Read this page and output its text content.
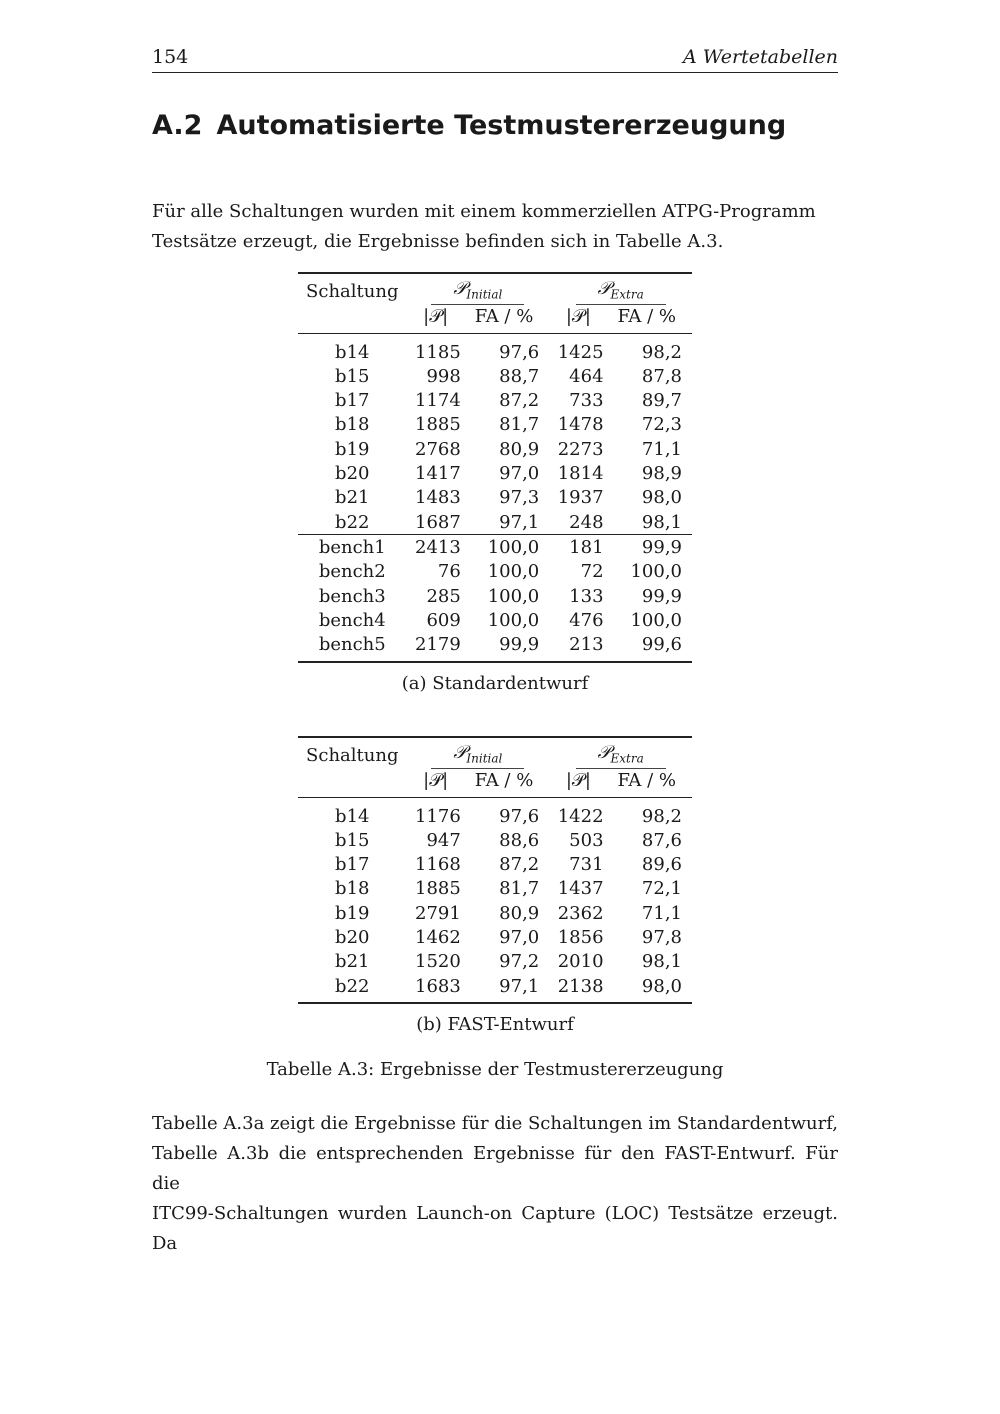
154	A Wertetabellen
A.2 Automatisierte Testmustererzeugung

Für alle Schaltungen wurden mit einem kommerziellen ATPG-Programm Testsätze erzeugt, die Ergebnisse befinden sich in Tabelle A.3.

Schaltung	𝒫$_{Initial}$		𝒫$_{Extra}$
	|𝒫|	FA / %	|𝒫|	FA / %
b14	1185	97,6	1425	98,2
b15	998	88,7	464	87,8
b17	1174	87,2	733	89,7
b18	1885	81,7	1478	72,3
b19	2768	80,9	2273	71,1
b20	1417	97,0	1814	98,9
b21	1483	97,3	1937	98,0
b22	1687	97,1	248	98,1
bench1	2413	100,0	181	99,9
bench2	76	100,0	72	100,0
bench3	285	100,0	133	99,9
bench4	609	100,0	476	100,0
bench5	2179	99,9	213	99,6
(a) Standardentwurf
Schaltung	𝒫$_{Initial}$		𝒫$_{Extra}$
	|𝒫|	FA / %	|𝒫|	FA / %
b14	1176	97,6	1422	98,2
b15	947	88,6	503	87,6
b17	1168	87,2	731	89,6
b18	1885	81,7	1437	72,1
b19	2791	80,9	2362	71,1
b20	1462	97,0	1856	97,8
b21	1520	97,2	2010	98,1
b22	1683	97,1	2138	98,0
(b) FAST-Entwurf
Tabelle A.3: Ergebnisse der Testmustererzeugung

Tabelle A.3a zeigt die Ergebnisse für die Schaltungen im Standardentwurf, Tabelle A.3b die entsprechenden Ergebnisse für den FAST-Entwurf. Für die
ITC99-Schaltungen wurden Launch-on Capture (LOC) Testsätze erzeugt. Da
